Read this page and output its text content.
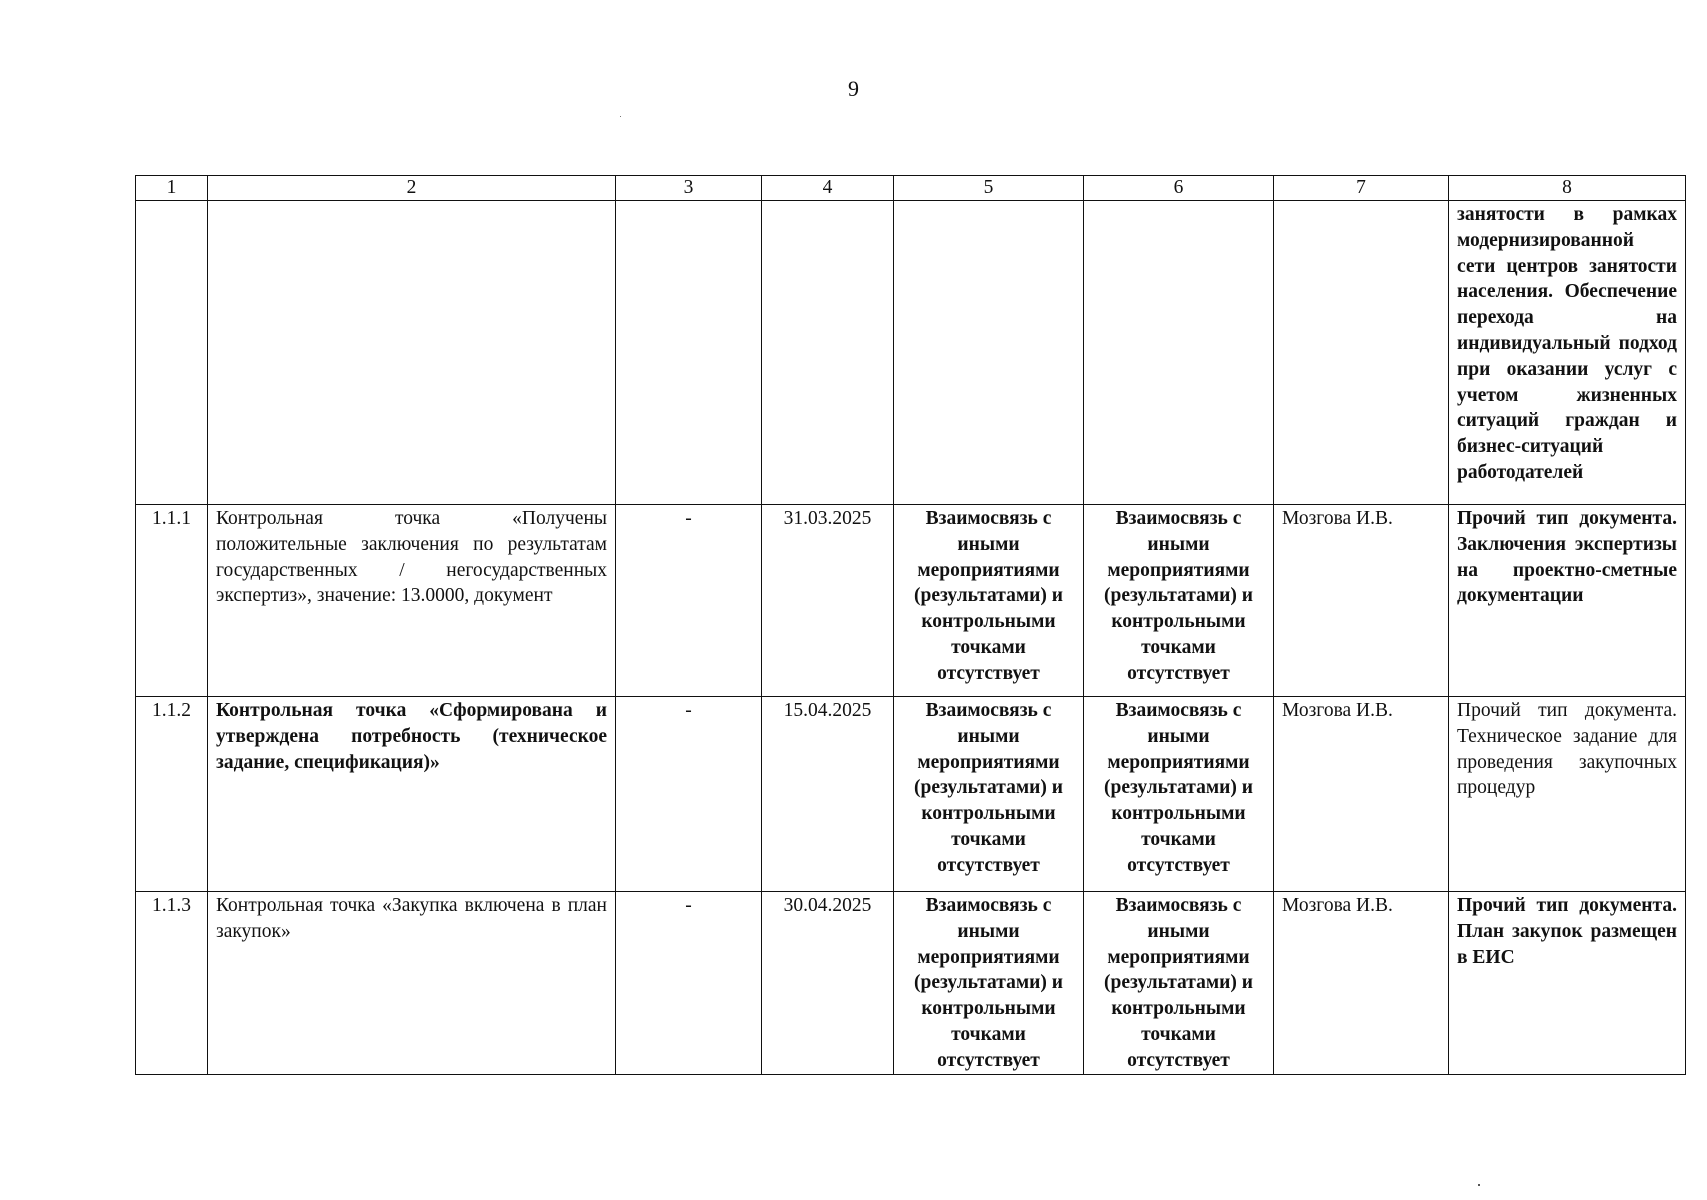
9
1	2	3	4	5	6	7	8
							занятости в рамках модернизированной сети центров занятости населения. Обеспечение перехода на индивидуальный подход при оказании услуг с учетом жизненных ситуаций граждан и бизнес-ситуаций работодателей
1.1.1	Контрольная точка «Получены положительные заключения по результатам государственных / негосударственных экспертиз», значение: 13.0000, документ	-	31.03.2025	Взаимосвязь с иными мероприятиями (результатами) и контрольными точками отсутствует	Взаимосвязь с иными мероприятиями (результатами) и контрольными точками отсутствует	Мозгова И.В.	Прочий тип документа. Заключения экспертизы на проектно-сметные документации
1.1.2	Контрольная точка «Сформирована и утверждена потребность (техническое задание, спецификация)»	-	15.04.2025	Взаимосвязь с иными мероприятиями (результатами) и контрольными точками отсутствует	Взаимосвязь с иными мероприятиями (результатами) и контрольными точками отсутствует	Мозгова И.В.	Прочий тип документа. Техническое задание для проведения закупочных процедур
1.1.3	Контрольная точка «Закупка включена в план закупок»	-	30.04.2025	Взаимосвязь с иными мероприятиями (результатами) и контрольными точками отсутствует	Взаимосвязь с иными мероприятиями (результатами) и контрольными точками отсутствует	Мозгова И.В.	Прочий тип документа. План закупок размещен в ЕИС
